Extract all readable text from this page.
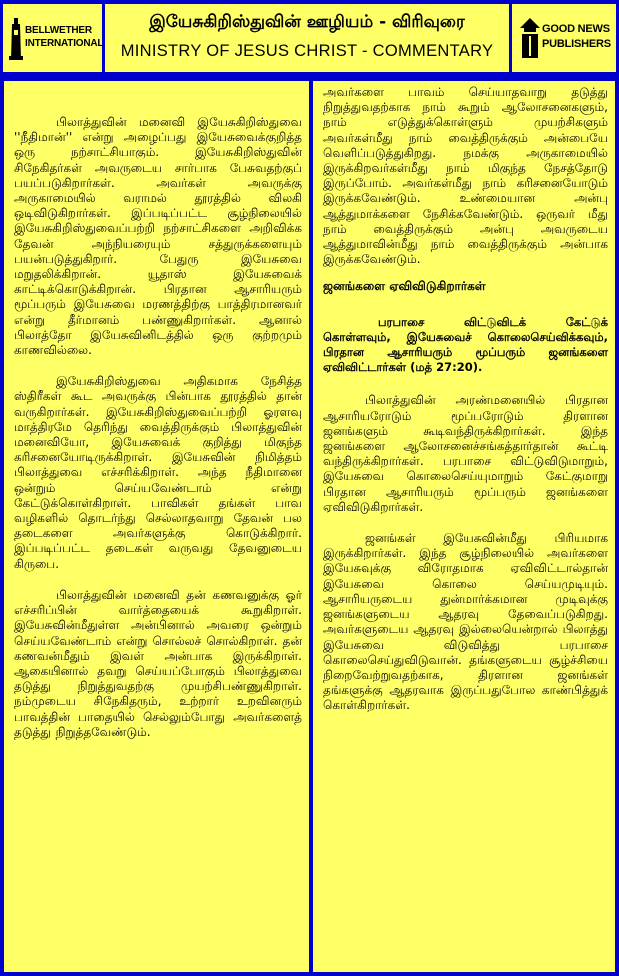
BELLWETHER
INTERNATIONAL
இயேசுகிறிஸ்துவின் ஊழியம் - விரிவுரை
MINISTRY OF JESUS CHRIST - COMMENTARY
GOOD NEWS
PUBLISHERS

பிலாத்துவின் மனைவி இயேசுகிறிஸ்துவை ''நீதிமான்'' என்று அழைப்பது இயேசுவைக்குறித்த ஒரு நற்சாட்சியாகும். இயேசுகிறிஸ்துவின் சிநேகிதர்கள் அவருடைய சார்பாக பேசுவதற்குப் பயப்படுகிறார்கள். அவர்கள் அவருக்கு அருகாமையில் வராமல் தூரத்தில் விலகி ஒடிவிடுகிறார்கள். இப்படிப்பட்ட சூழ்நிலையில் இயேசுகிறிஸ்துவைப்பற்றி நற்சாட்சிகளை அறிவிக்க தேவன் அந்நியரையும் சத்துருக்களையும் பயன்படுத்துகிறார். பேதுரு இயேசுவை மறுதலிக்கிறான். யூதாஸ் இயேசுவைக் காட்டிக்கொடுக்கிறான். பிரதான ஆசாரியரும் மூப்பரும் இயேசுவை மரணத்திற்கு பாத்திரமானவர் என்று தீர்மானம் பண்ணுகிறார்கள். ஆனால் பிலாத்தோ இயேசுவினிடத்தில் ஒரு குற்றமும் காணவில்லை.

இயேசுகிறிஸ்துவை அதிகமாக நேசித்த ஸ்திரீகள் கூட அவருக்கு பின்பாக தூரத்தில் தான் வருகிறார்கள். இயேசுகிறிஸ்துவைப்பற்றி ஓரளவு மாத்திரமே தெரிந்து வைத்திருக்கும் பிலாத்துவின் மனைவியோ, இயேசுவைக் குறித்து மிகுந்த கரிசனையோடிருக்கிறாள். இயேசுவின் நிமித்தம் பிலாத்துவை எச்சரிக்கிறாள். அந்த நீதிமானை ஒன்றும் செய்யவேண்டாம் என்று கேட்டுக்கொள்கிறாள். பாவிகள் தங்கள் பாவ வழிகளில் தொடர்ந்து செல்லாதவாறு தேவன் பல தடைகளை அவர்களுக்கு கொடுக்கிறார். இப்படிப்பட்ட தடைகள் வருவது தேவனுடைய கிருபை.

பிலாத்துவின் மனைவி தன் கணவனுக்கு ஓர் எச்சரிப்பின் வார்த்தையைக் கூறுகிறாள். இயேசுவின்மீதுள்ள அன்பினால் அவரை ஒன்றும் செய்யவேண்டாம் என்று சொல்லச் சொல்கிறாள். தன் கணவன்மீதும் இவள் அன்பாக இருக்கிறாள். ஆகையினால் தவறு செய்யப்போகும் பிலாத்துவை தடுத்து நிறுத்துவதற்கு முயற்சிபண்ணுகிறாள். நம்முடைய சிநேகிதரும், உற்றார் உறவினரும் பாவத்தின் பாதையில் செல்லும்போது அவர்களைத் தடுத்து நிறுத்தவேண்டும்.

அவர்களை பாவம் செய்யாதவாறு தடுத்து நிறுத்துவதற்காக நாம் கூறும் ஆலோசனைகளும், நாம் எடுத்துக்கொள்ளும் முயற்சிகளும் அவர்கள்மீது நாம் வைத்திருக்கும் அன்பையே வெளிப்படுத்துகிறது. நமக்கு அருகாமையில் இருக்கிறவர்கள்மீது நாம் மிகுந்த நேசத்தோடு இருப்போம். அவர்கள்மீது நாம் கரிசனையோடும் இருக்கவேண்டும். உண்மையான அன்பு ஆத்துமாக்களை நேசிக்கவேண்டும். ஒருவர் மீது நாம் வைத்திருக்கும் அன்பு அவருடைய ஆத்துமாவின்மீது நாம் வைத்திருக்கும் அன்பாக இருக்கவேண்டும்.

ஜனங்களை ஏவிவிடுகிறார்கள்
பரபாசை விட்டுவிடக் கேட்டுக் கொள்ளவும், இயேசுவைச் கொலைசெய்விக்கவும், பிரதான ஆசாரியரும் மூப்பரும் ஜனங்களை ஏவிவிட்டார்கள் (மத் 27:20).

பிலாத்துவின் அரண்மனையில் பிரதான ஆசாரியரோடும் மூப்பரோடும் திரளான ஜனங்களும் கூடிவந்திருக்கிறார்கள். இந்த ஜனங்களை ஆலோசனைச்சங்கத்தார்தான் கூட்டி வந்திருக்கிறார்கள். பரபாசை விட்டுவிடுமாறும், இயேசுவை கொலைசெய்யுமாறும் கேட்குமாறு பிரதான ஆசாரியரும் மூப்பரும் ஜனங்களை ஏவிவிடுகிறார்கள்.

ஜனங்கள் இயேசுவின்மீது பிரியமாக இருக்கிறார்கள். இந்த சூழ்நிலையில் அவர்களை இயேசுவுக்கு விரோதமாக ஏவிவிட்டால்தான் இயேசுவை கொலை செய்யமுடியும். ஆசாரியருடைய துன்மார்க்கமான முடிவுக்கு ஜனங்களுடைய ஆதரவு தேவைப்படுகிறது. அவர்களுடைய ஆதரவு இல்லையென்றால் பிலாத்து இயேசுவை விடுவித்து பரபாசை கொலைசெய்துவிடுவான். தங்களுடைய சூழ்ச்சியை நிறைவேற்றுவதற்காக, திரளான ஜனங்கள் தங்களுக்கு ஆதரவாக இருப்பதுபோல காண்பித்துக் கொள்கிறார்கள்.
